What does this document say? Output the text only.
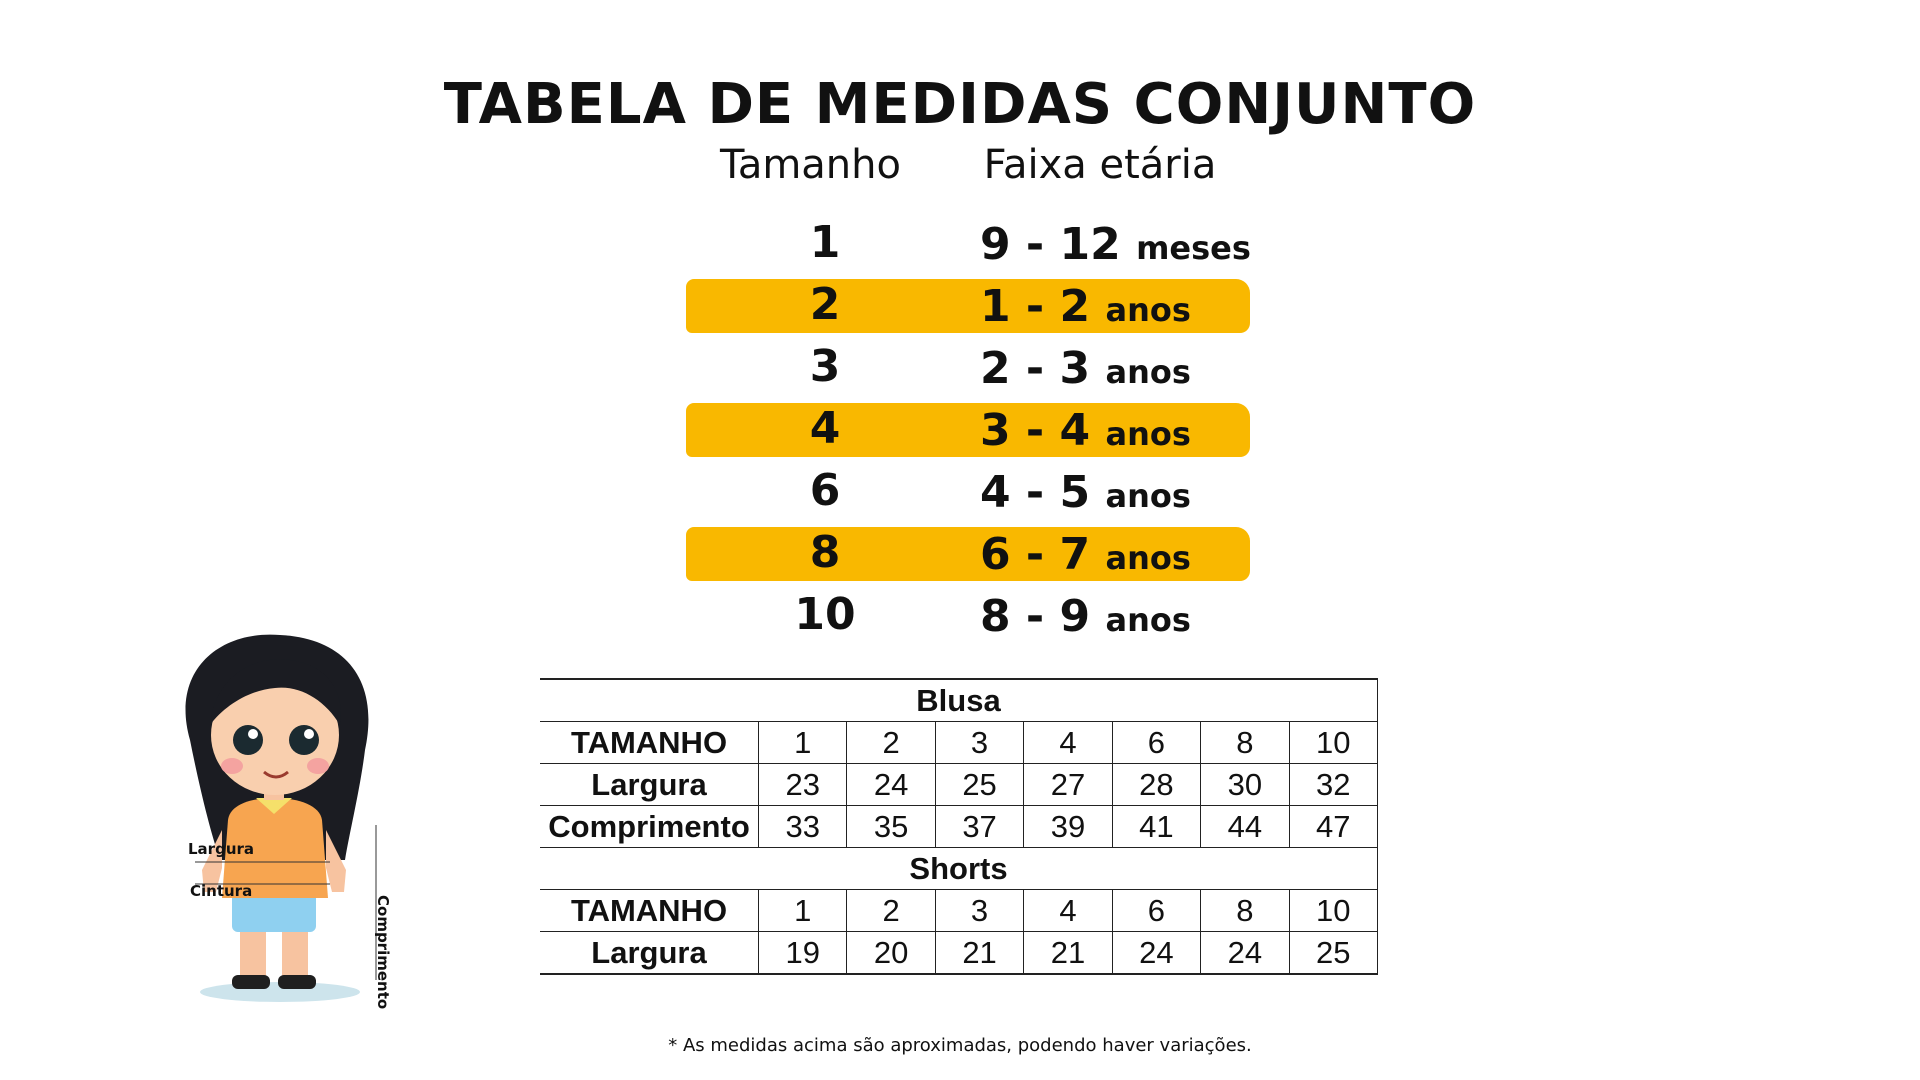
TABELA DE MEDIDAS CONJUNTO
Tamanho	Faixa etária
1	9 - 12 meses
2	1 - 2 anos
3	2 - 3 anos
4	3 - 4 anos
6	4 - 5 anos
8	6 - 7 anos
10	8 - 9 anos
Blusa							
TAMANHO	1	2	3	4	6	8	10
Largura	23	24	25	27	28	30	32
Comprimento	33	35	37	39	41	44	47
Shorts							
TAMANHO	1	2	3	4	6	8	10
Largura	19	20	21	21	24	24	25
Largura
Cintura
Comprimento
* As medidas acima são aproximadas, podendo haver variações.
